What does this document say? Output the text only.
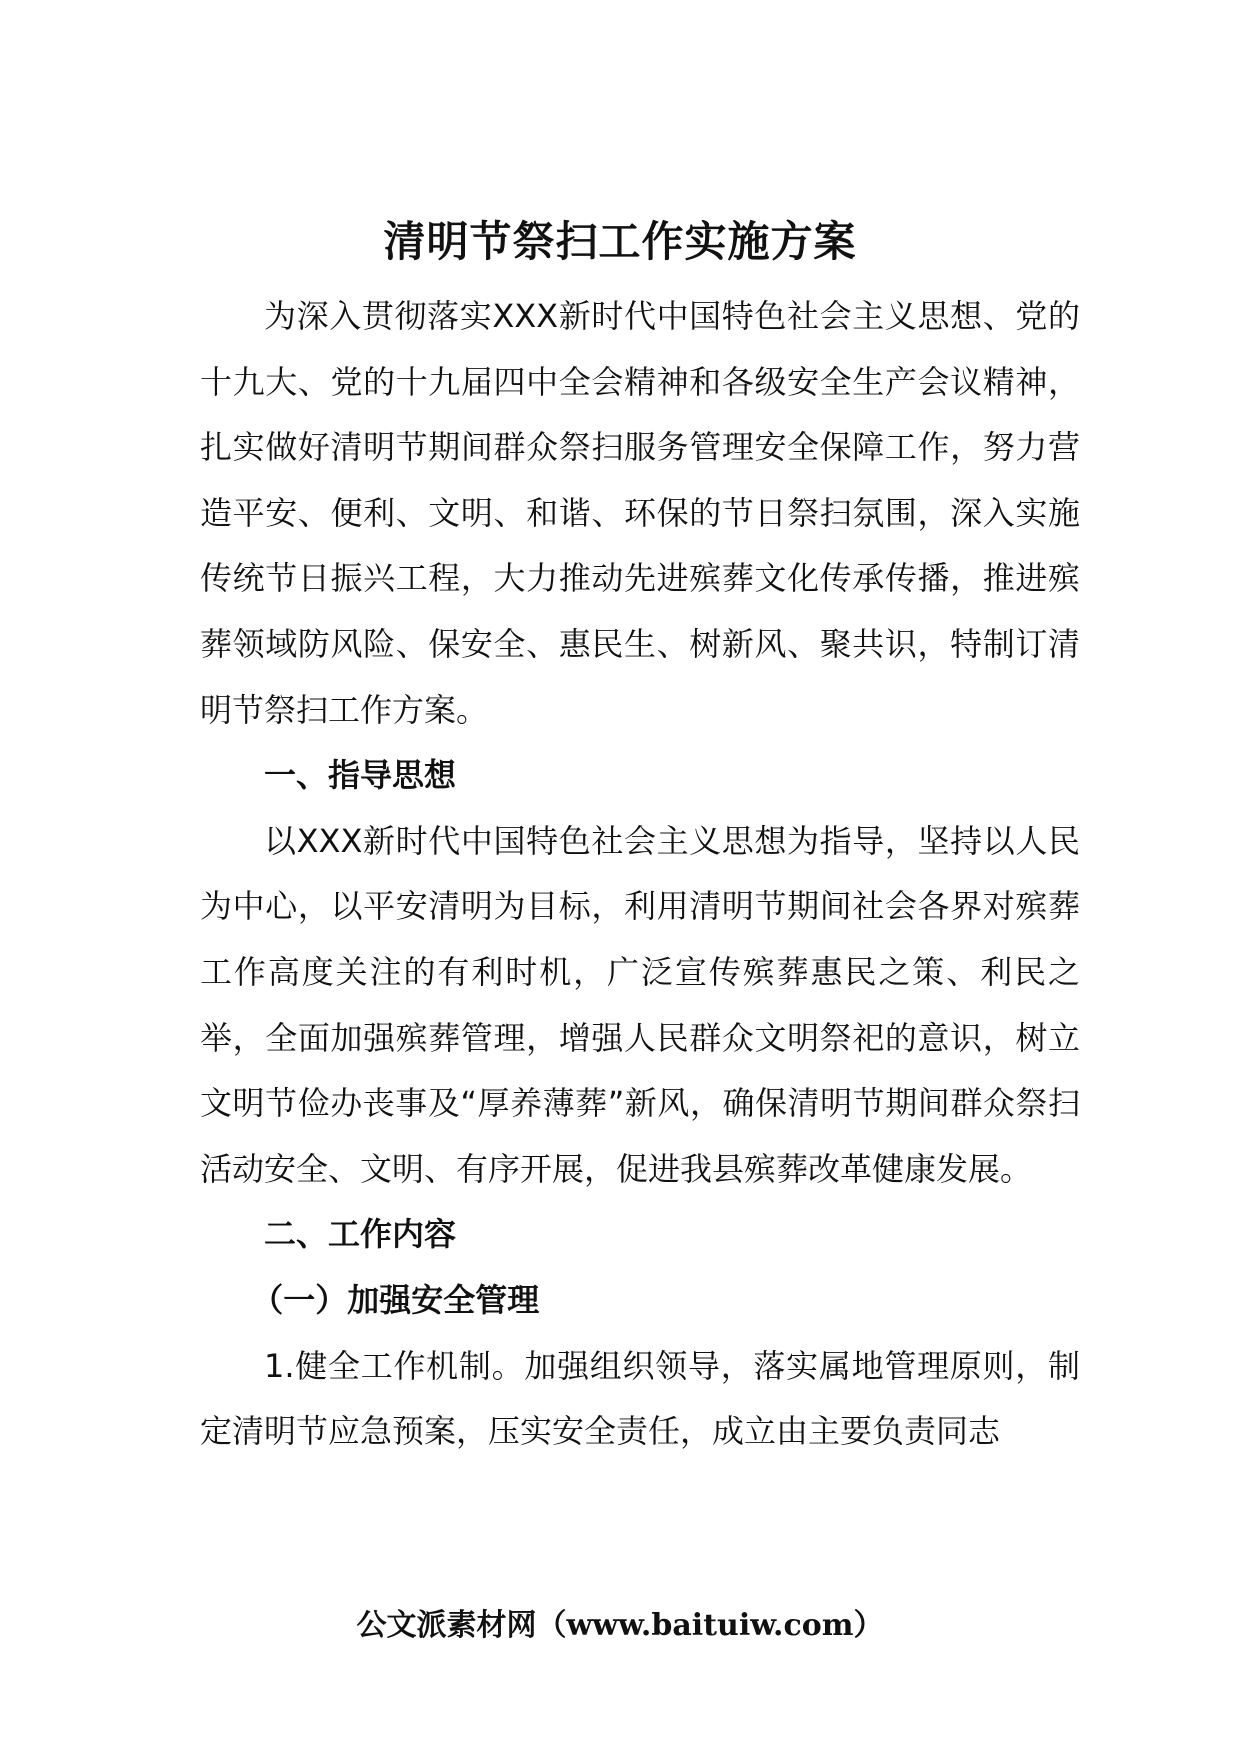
清明节祭扫工作实施方案

为深入贯彻落实XXX新时代中国特色社会主义思想、党的十九大、党的十九届四中全会精神和各级安全生产会议精神，扎实做好清明节期间群众祭扫服务管理安全保障工作，努力营造平安、便利、文明、和谐、环保的节日祭扫氛围，深入实施传统节日振兴工程，大力推动先进殡葬文化传承传播，推进殡葬领域防风险、保安全、惠民生、树新风、聚共识，特制订清明节祭扫工作方案。

一、指导思想

以XXX新时代中国特色社会主义思想为指导，坚持以人民为中心，以平安清明为目标，利用清明节期间社会各界对殡葬工作高度关注的有利时机，广泛宣传殡葬惠民之策、利民之举，全面加强殡葬管理，增强人民群众文明祭祀的意识，树立文明节俭办丧事及“厚养薄葬”新风，确保清明节期间群众祭扫活动安全、文明、有序开展，促进我县殡葬改革健康发展。

二、工作内容

（一）加强安全管理

1.健全工作机制。加强组织领导，落实属地管理原则，制定清明节应急预案，压实安全责任，成立由主要负责同志

公文派素材网（www.baituiw.com）
